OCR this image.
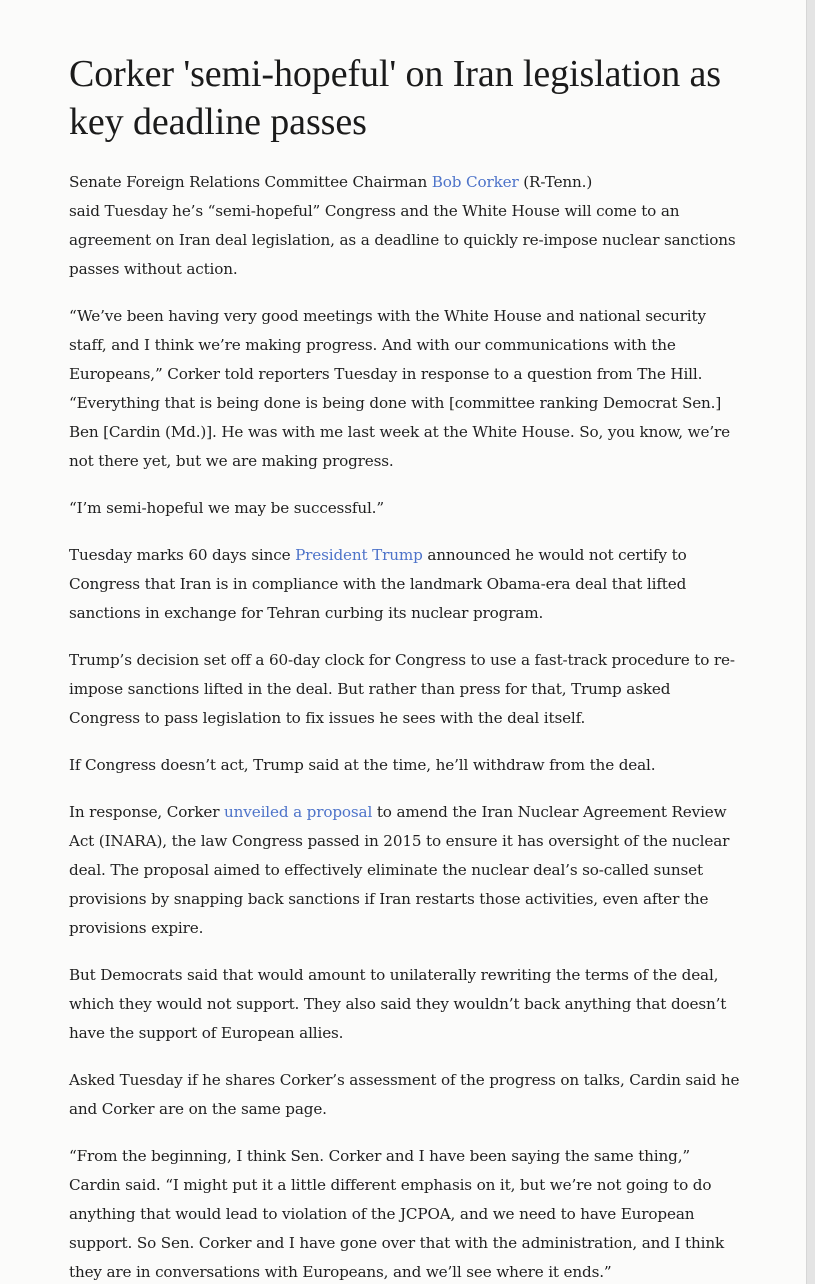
Corker 'semi-hopeful' on Iran legislation as key deadline passes

Senate Foreign Relations Committee Chairman Bob Corker (R-Tenn.)
said Tuesday he’s “semi-hopeful” Congress and the White House will come to an agreement on Iran deal legislation, as a deadline to quickly re-impose nuclear sanctions passes without action.

“We’ve been having very good meetings with the White House and national security staff, and I think we’re making progress. And with our communications with the Europeans,” Corker told reporters Tuesday in response to a question from The Hill. “Everything that is being done is being done with [committee ranking Democrat Sen.] Ben [Cardin (Md.)]. He was with me last week at the White House. So, you know, we’re not there yet, but we are making progress.

“I’m semi-hopeful we may be successful.”

Tuesday marks 60 days since President Trump announced he would not certify to Congress that Iran is in compliance with the landmark Obama-era deal that lifted sanctions in exchange for Tehran curbing its nuclear program.

Trump’s decision set off a 60-day clock for Congress to use a fast-track procedure to re-impose sanctions lifted in the deal. But rather than press for that, Trump asked Congress to pass legislation to fix issues he sees with the deal itself.

If Congress doesn’t act, Trump said at the time, he’ll withdraw from the deal.

In response, Corker unveiled a proposal to amend the Iran Nuclear Agreement Review Act (INARA), the law Congress passed in 2015 to ensure it has oversight of the nuclear deal. The proposal aimed to effectively eliminate the nuclear deal’s so-called sunset provisions by snapping back sanctions if Iran restarts those activities, even after the provisions expire.

But Democrats said that would amount to unilaterally rewriting the terms of the deal, which they would not support. They also said they wouldn’t back anything that doesn’t have the support of European allies.

Asked Tuesday if he shares Corker’s assessment of the progress on talks, Cardin said he and Corker are on the same page.

“From the beginning, I think Sen. Corker and I have been saying the same thing,” Cardin said. “I might put it a little different emphasis on it, but we’re not going to do anything that would lead to violation of the JCPOA, and we need to have European support. So Sen. Corker and I have gone over that with the administration, and I think they are in conversations with Europeans, and we’ll see where it ends.”
